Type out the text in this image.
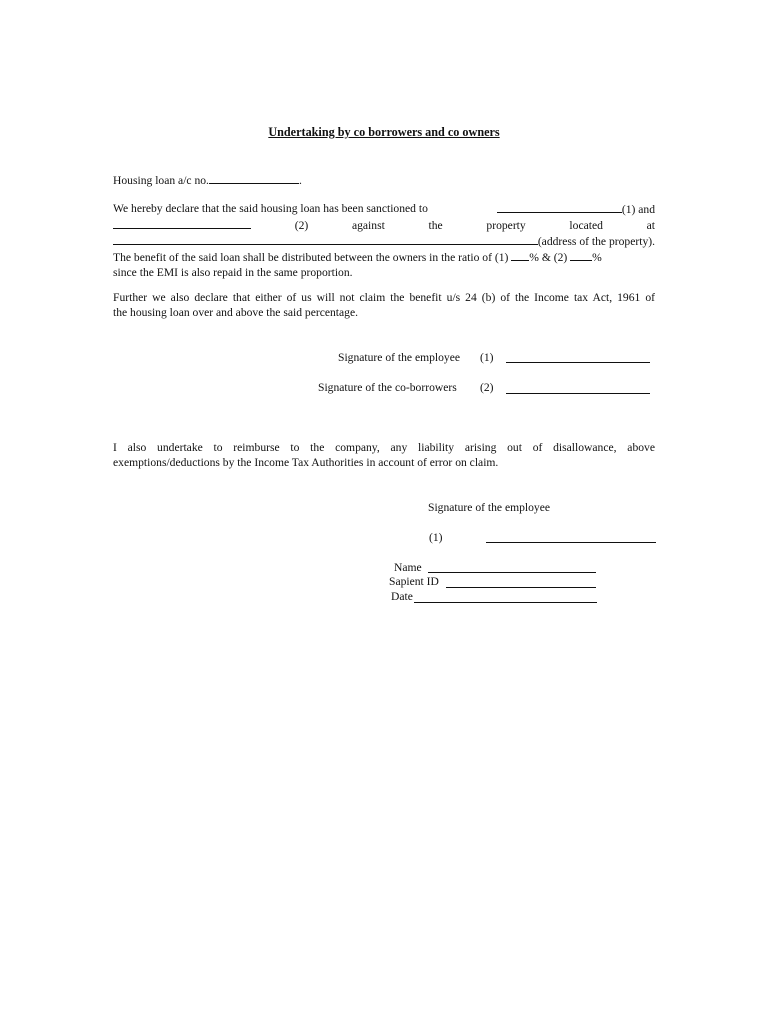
Undertaking by co borrowers and co owners
Housing loan a/c no.	.
We hereby declare that the said housing loan has been sanctioned to	(1) and
(2)	against	the	property	located	at
(address of the property).
The benefit of the said loan shall be distributed between the owners in the ratio of (1) % & (2) %
since the EMI is also repaid in the same proportion.
Further we also declare that either of us will not claim the benefit u/s 24 (b) of the Income tax Act, 1961 of
the housing loan over and above the said percentage.
Signature of the employee (1)
Signature of the co-borrowers (2)
I also undertake to reimburse to the company, any liability arising out of disallowance, above
exemptions/deductions by the Income Tax Authorities in account of error on claim.
Signature of the employee
(1)
Name
Sapient ID
Date
